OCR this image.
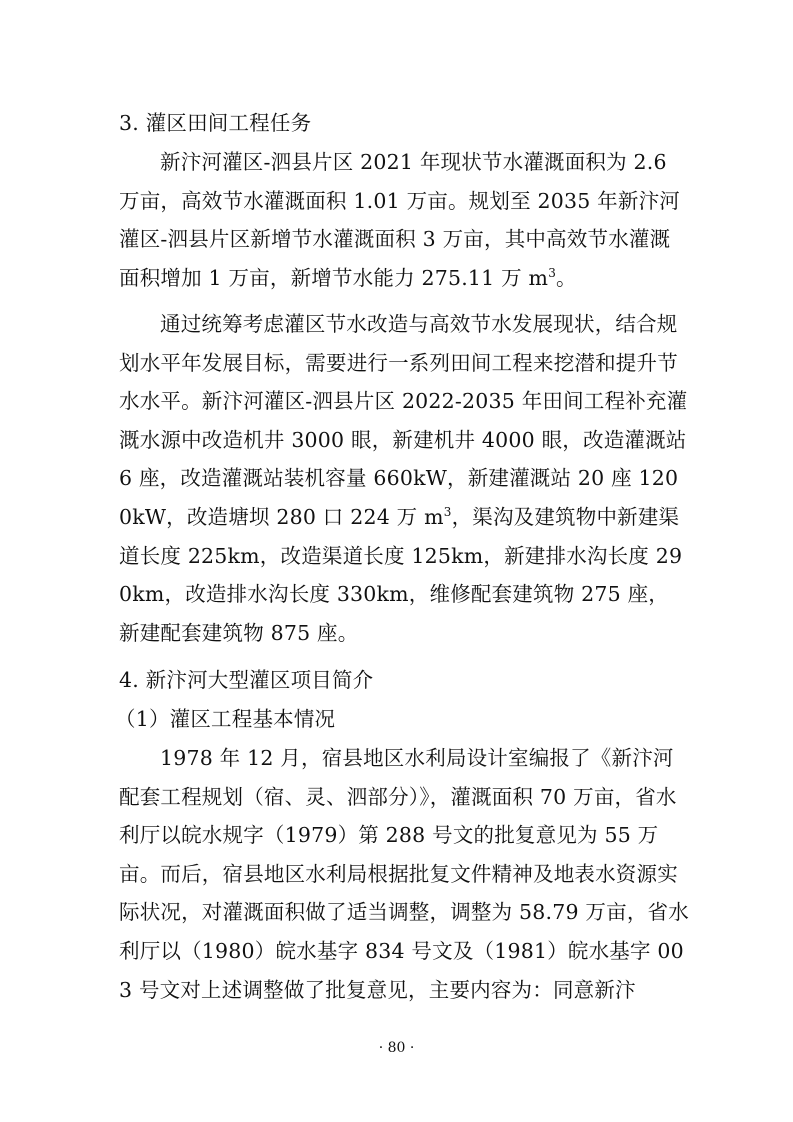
3. 灌区田间工程任务
新汴河灌区-泗县片区 2021 年现状节水灌溉面积为 2.6 万亩，高效节水灌溉面积 1.01 万亩。规划至 2035 年新汴河灌区-泗县片区新增节水灌溉面积 3 万亩，其中高效节水灌溉面积增加 1 万亩，新增节水能力 275.11 万 $m^3$。
通过统筹考虑灌区节水改造与高效节水发展现状，结合规划水平年发展目标，需要进行一系列田间工程来挖潜和提升节水水平。新汴河灌区-泗县片区 2022-2035 年田间工程补充灌溉水源中改造机井 3000 眼，新建机井 4000 眼，改造灌溉站 6 座，改造灌溉站装机容量 660kW，新建灌溉站 20 座 1200kW，改造塘坝 280 口 224 万 $m^3$，渠沟及建筑物中新建渠道长度 225km，改造渠道长度 125km，新建排水沟长度 290km，改造排水沟长度 330km，维修配套建筑物 275 座，新建配套建筑物 875 座。
4. 新汴河大型灌区项目简介
（1）灌区工程基本情况
1978 年 12 月，宿县地区水利局设计室编报了《新汴河配套工程规划（宿、灵、泗部分）》，灌溉面积 70 万亩，省水利厅以皖水规字（1979）第 288 号文的批复意见为 55 万亩。而后，宿县地区水利局根据批复文件精神及地表水资源实际状况，对灌溉面积做了适当调整，调整为 58.79 万亩，省水利厅以（1980）皖水基字 834 号文及（1981）皖水基字 003 号文对上述调整做了批复意见，主要内容为：同意新汴
· 80 ·
